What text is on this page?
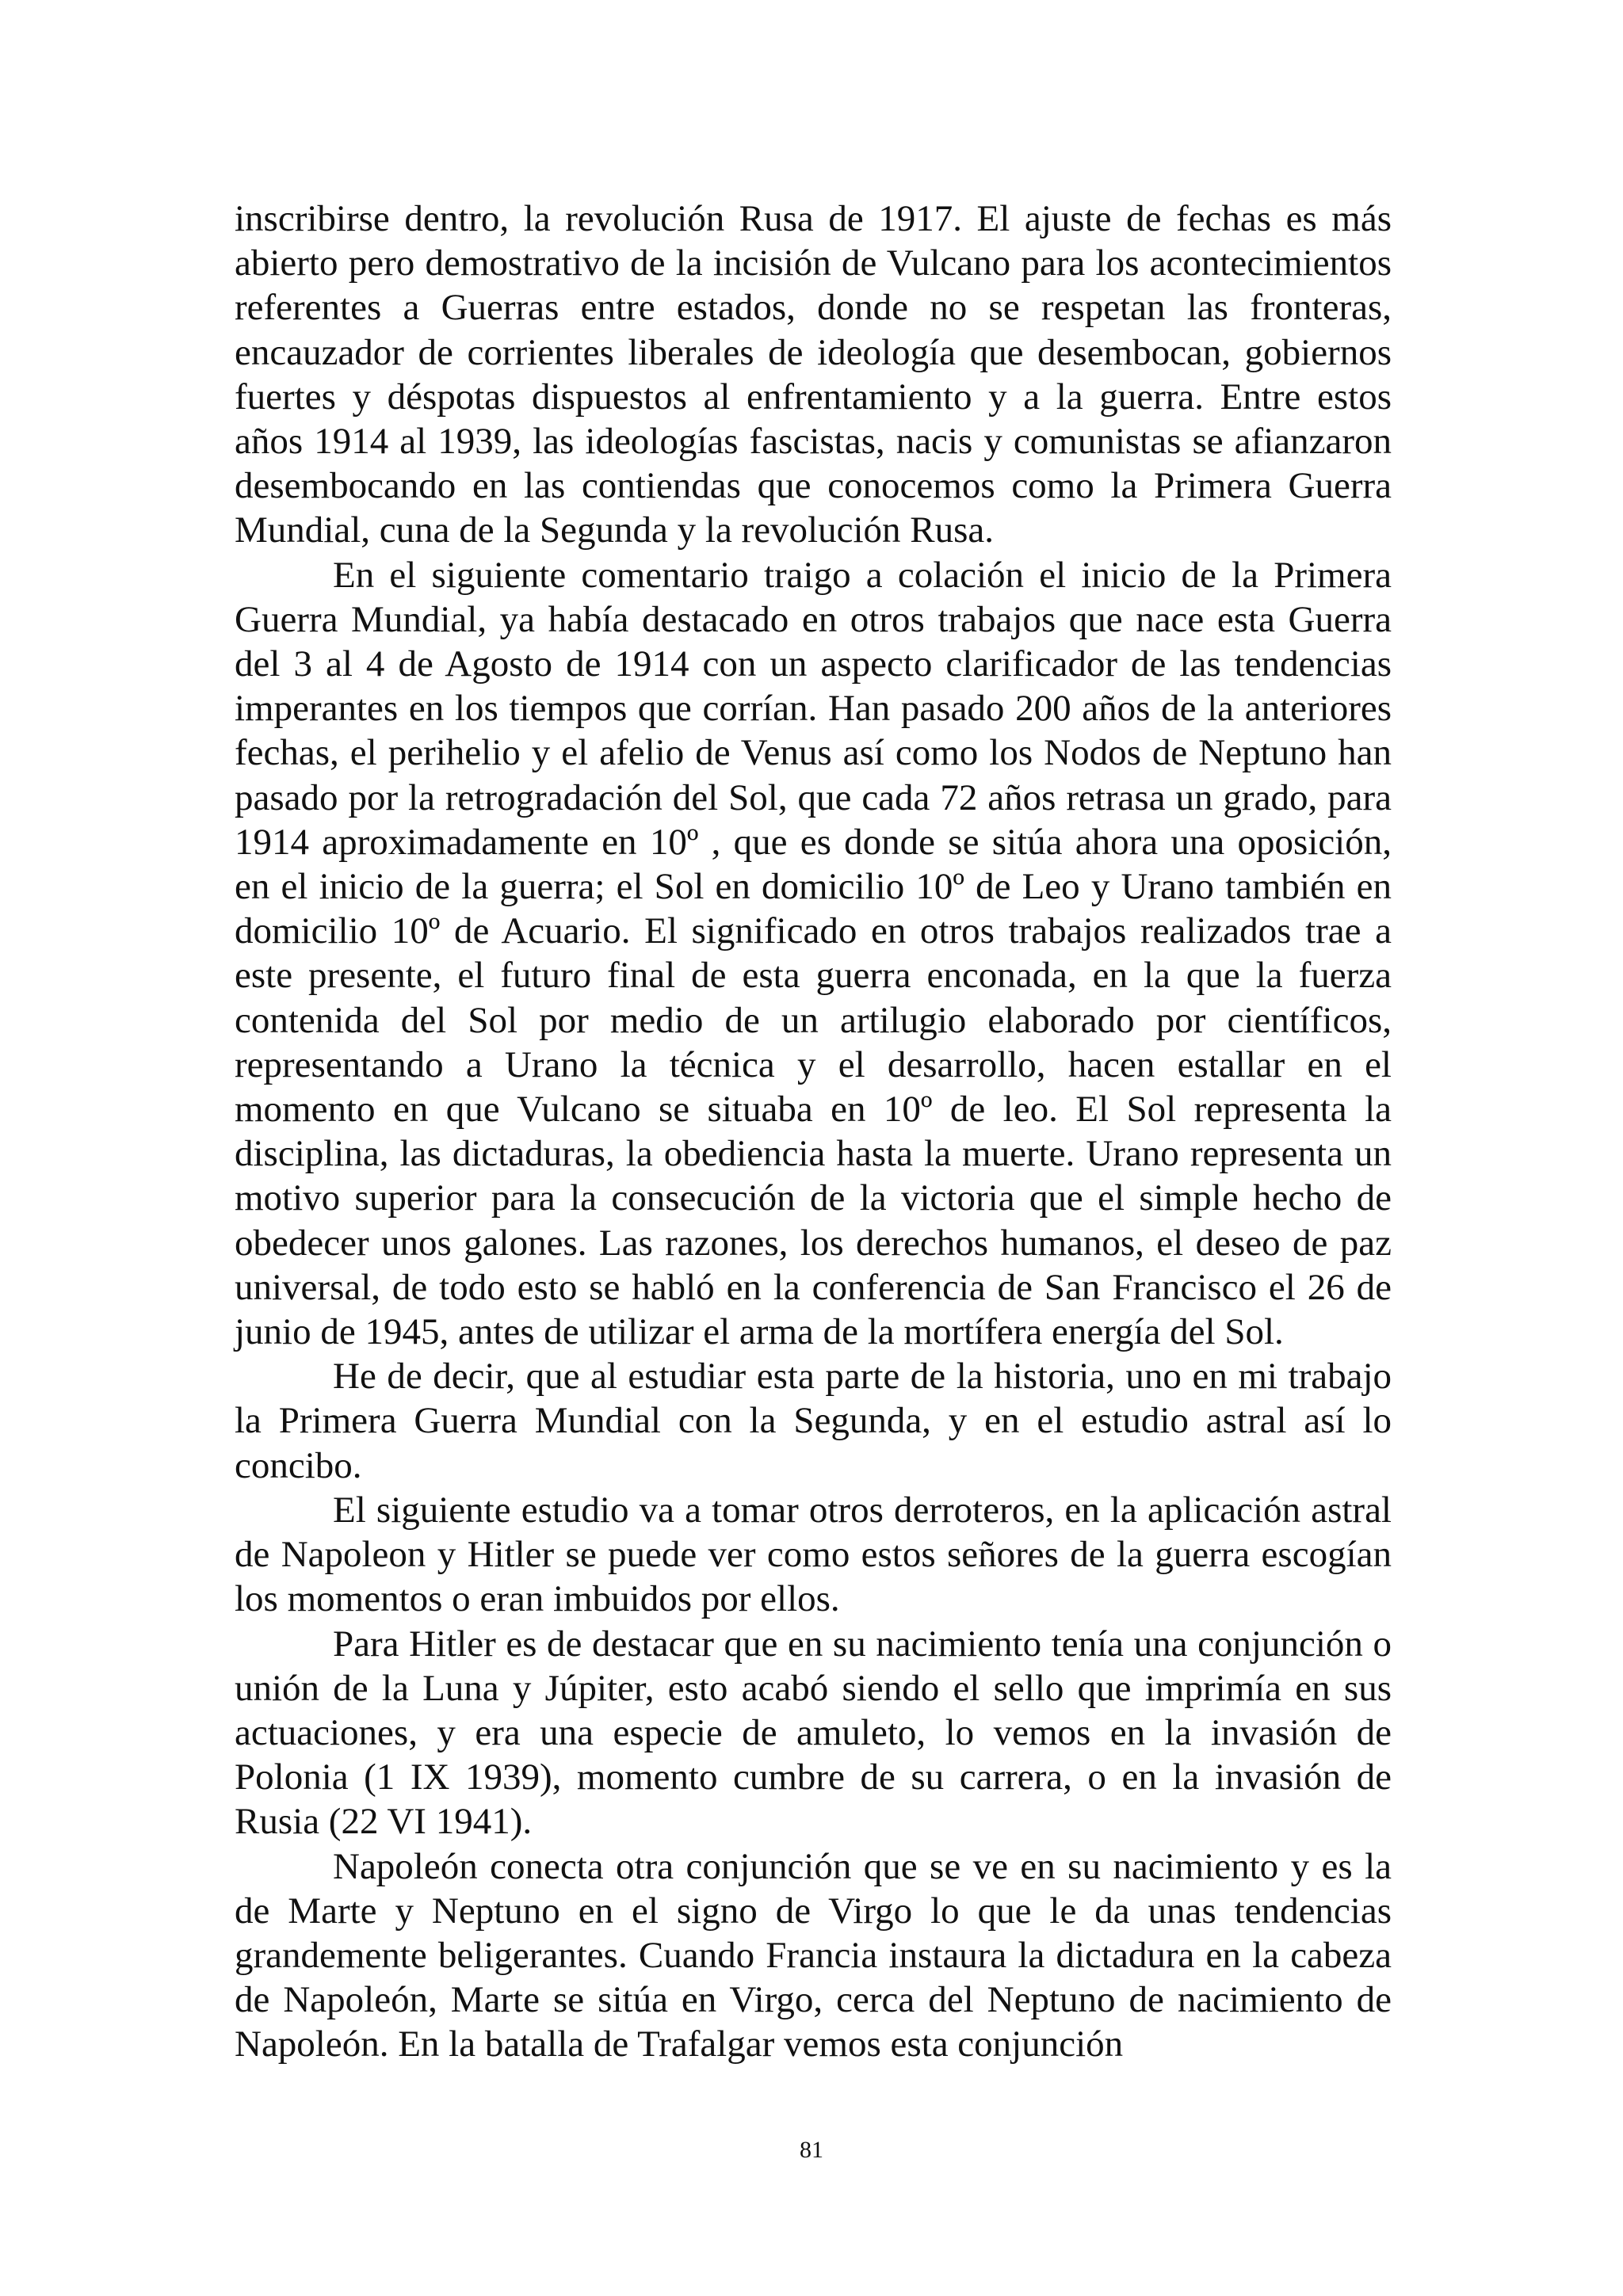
inscribirse dentro, la revolución Rusa de 1917. El ajuste de fechas es más abierto pero demostrativo de la incisión de Vulcano para los acontecimientos referentes a Guerras entre estados, donde no se respetan las fronteras, encauzador de corrientes liberales de ideología que desembocan, gobiernos fuertes y déspotas dispuestos al enfrentamiento y a la guerra. Entre estos años 1914 al 1939, las ideologías fascistas, nacis y comunistas se afianzaron desembocando en las contiendas que conocemos como la Primera Guerra Mundial, cuna de la Segunda y la revolución Rusa.

En el siguiente comentario traigo a colación el inicio de la Primera Guerra Mundial, ya había destacado en otros trabajos que nace esta Guerra del 3 al 4 de Agosto de 1914 con un aspecto clarificador de las tendencias imperantes en los tiempos que corrían. Han pasado 200 años de la anteriores fechas, el perihelio y el afelio de Venus así como los Nodos de Neptuno han pasado por la retrogradación del Sol, que cada 72 años retrasa un grado, para 1914 aproximadamente en 10º , que es donde se sitúa ahora una oposición, en el inicio de la guerra; el Sol en domicilio 10º de Leo y Urano también en domicilio 10º de Acuario. El significado en otros trabajos realizados trae a este presente, el futuro final de esta guerra enconada, en la que la fuerza contenida del Sol por medio de un artilugio elaborado por científicos, representando a Urano la técnica y el desarrollo, hacen estallar en el momento en que Vulcano se situaba en 10º de leo. El Sol representa la disciplina, las dictaduras, la obediencia hasta la muerte. Urano representa un motivo superior para la consecución de la victoria que el simple hecho de obedecer unos galones. Las razones, los derechos humanos, el deseo de paz universal, de todo esto se habló en la conferencia de San Francisco el 26 de junio de 1945, antes de utilizar el arma de la mortífera energía del Sol.

He de decir, que al estudiar esta parte de la historia, uno en mi trabajo la Primera Guerra Mundial con la Segunda, y en el estudio astral así lo concibo.

El siguiente estudio va a tomar otros derroteros, en la aplicación astral de Napoleon y Hitler se puede ver como estos señores de la guerra escogían los momentos o eran imbuidos por ellos.

Para Hitler es de destacar que en su nacimiento tenía una conjunción o unión de la Luna y Júpiter, esto acabó siendo el sello que imprimía en sus actuaciones, y era una especie de amuleto, lo vemos en la invasión de Polonia (1 IX 1939), momento cumbre de su carrera, o en la invasión de Rusia (22 VI 1941).

Napoleón conecta otra conjunción que se ve en su nacimiento y es la de Marte y Neptuno en el signo de Virgo lo que le da unas tendencias grandemente beligerantes. Cuando Francia instaura la dictadura en la cabeza de Napoleón, Marte se sitúa en Virgo, cerca del Neptuno de nacimiento de Napoleón. En la batalla de Trafalgar vemos esta conjunción

81
